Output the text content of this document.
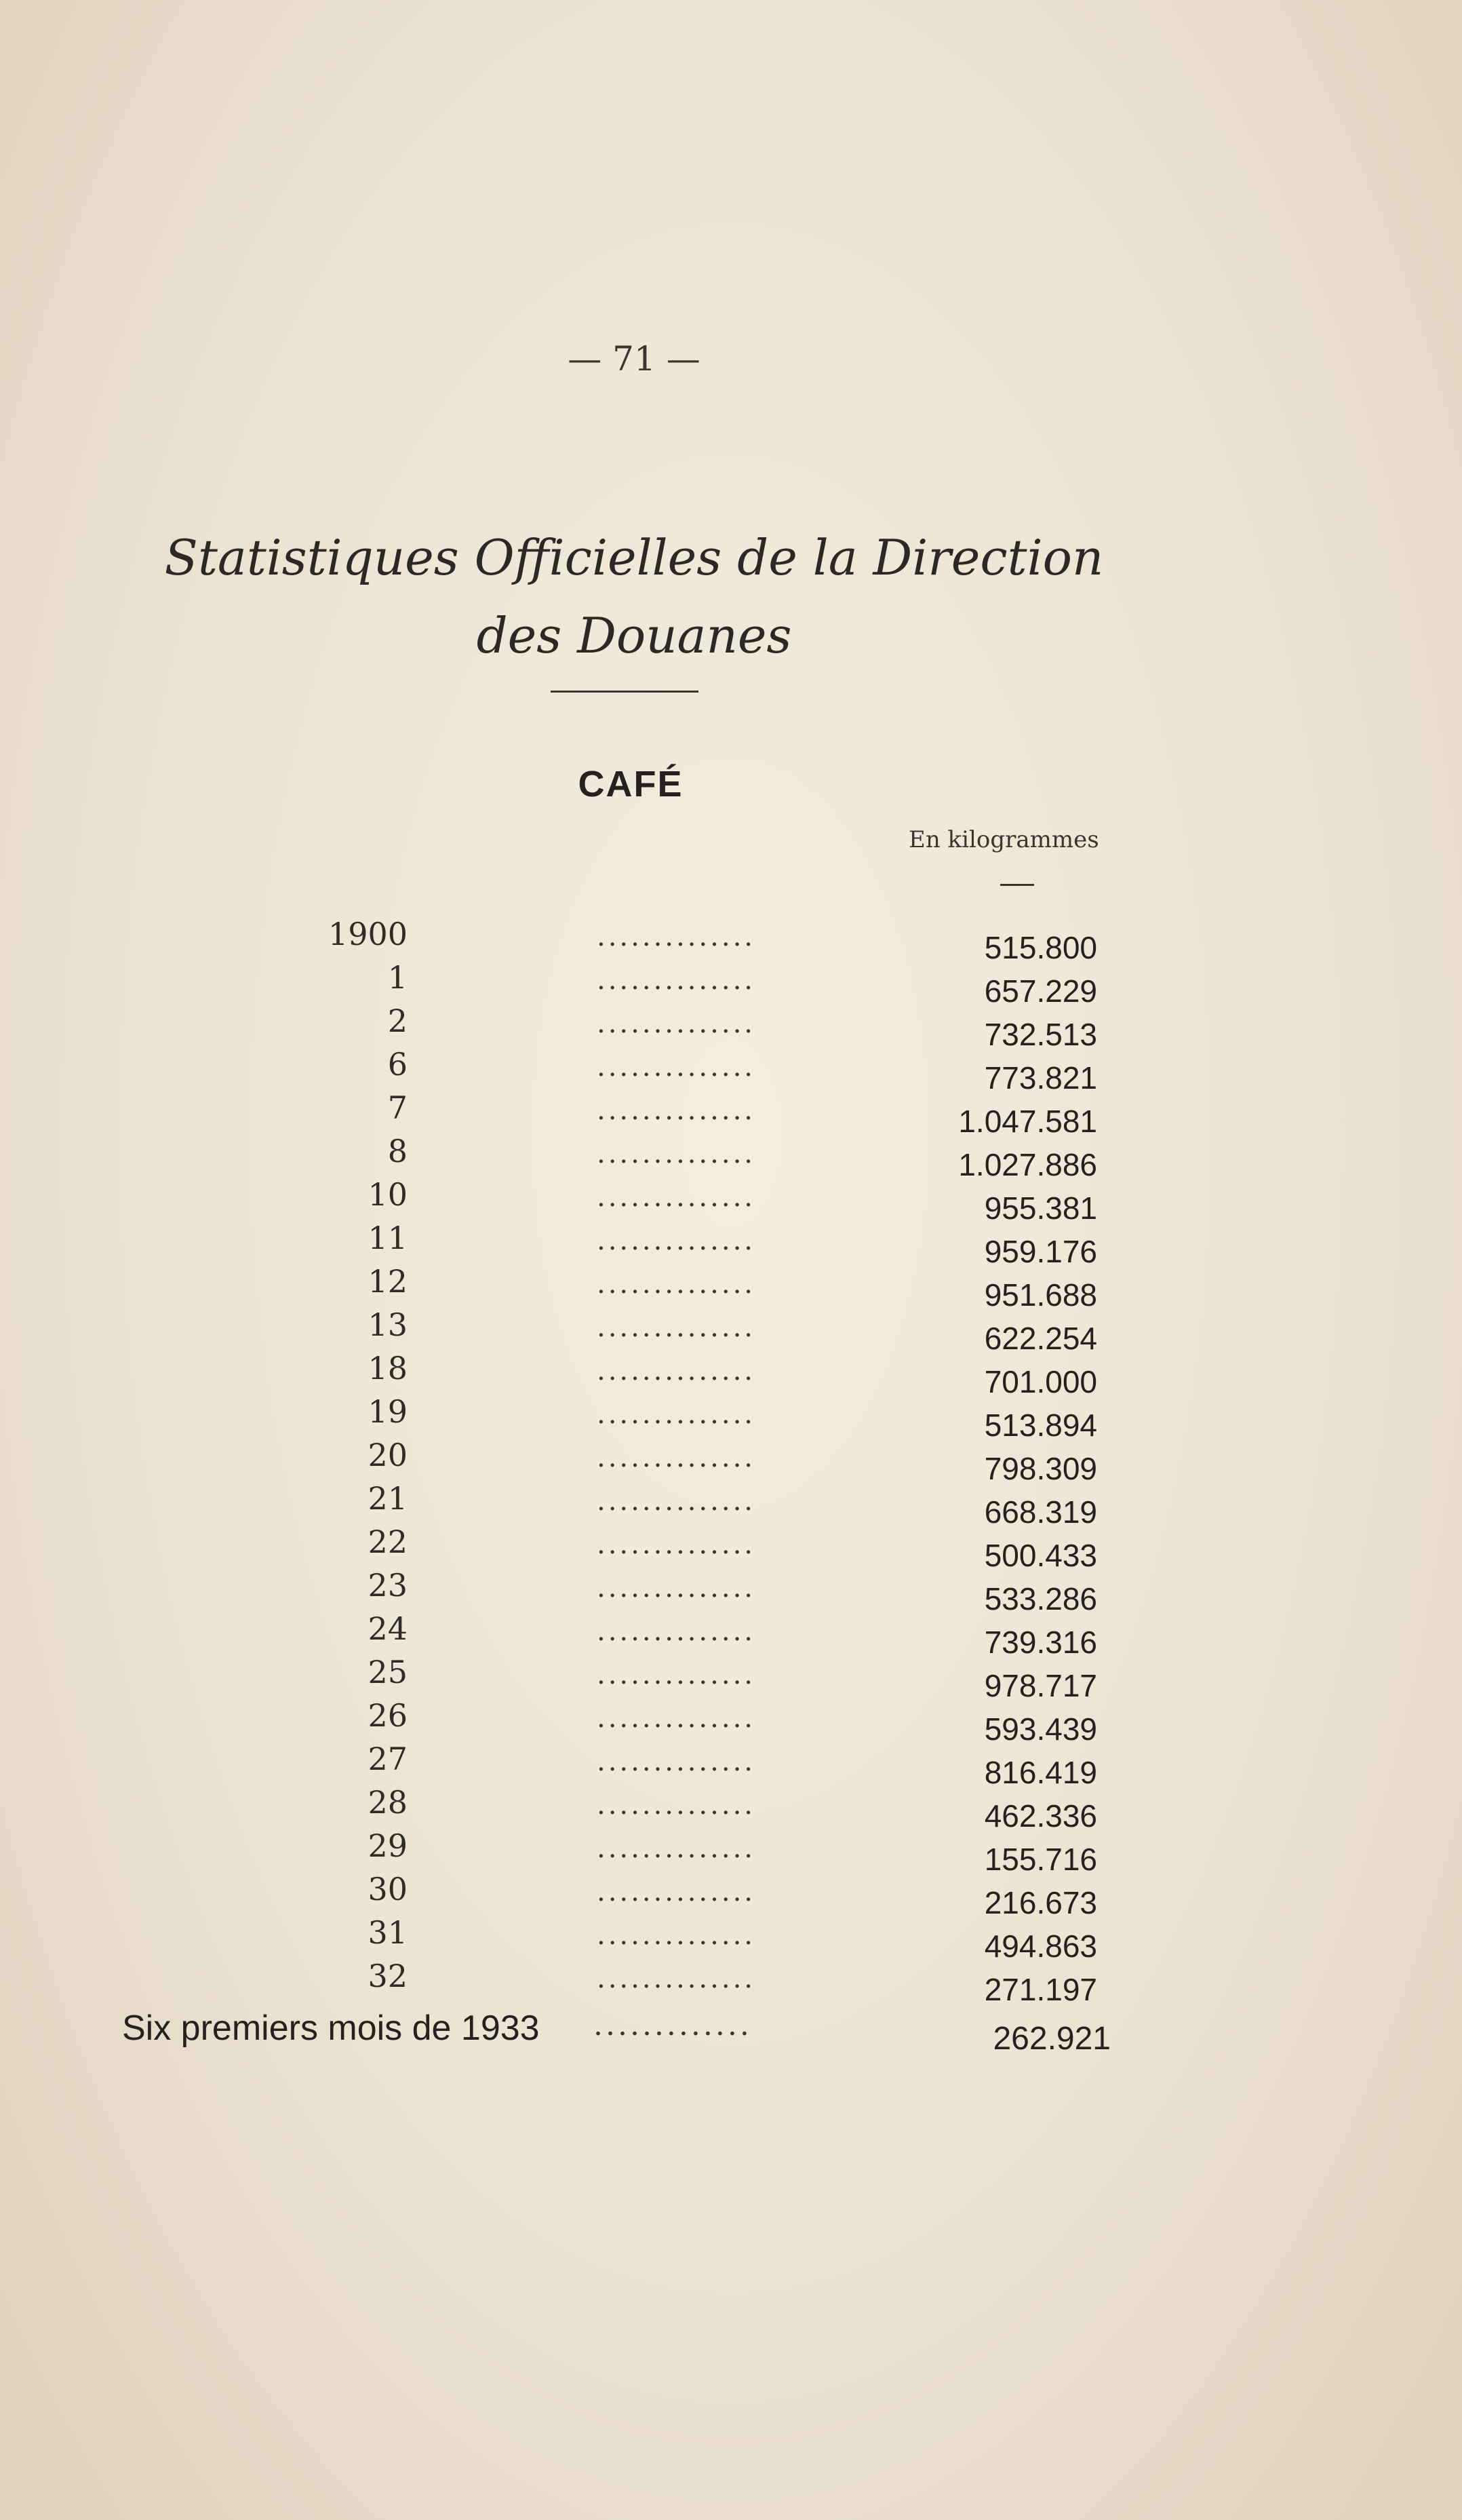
— 71 —
Statistiques Officielles de la Direction
des Douanes
CAFÉ
En kilogrammes
1900	..............	515.800
1	..............	657.229
2	..............	732.513
6	..............	773.821
7	..............	1.047.581
8	..............	1.027.886
10	..............	955.381
11	..............	959.176
12	..............	951.688
13	..............	622.254
18	..............	701.000
19	..............	513.894
20	..............	798.309
21	..............	668.319
22	..............	500.433
23	..............	533.286
24	..............	739.316
25	..............	978.717
26	..............	593.439
27	..............	816.419
28	..............	462.336
29	..............	155.716
30	..............	216.673
31	..............	494.863
32	..............	271.197
Six premiers mois de 1933 .............	262.921
